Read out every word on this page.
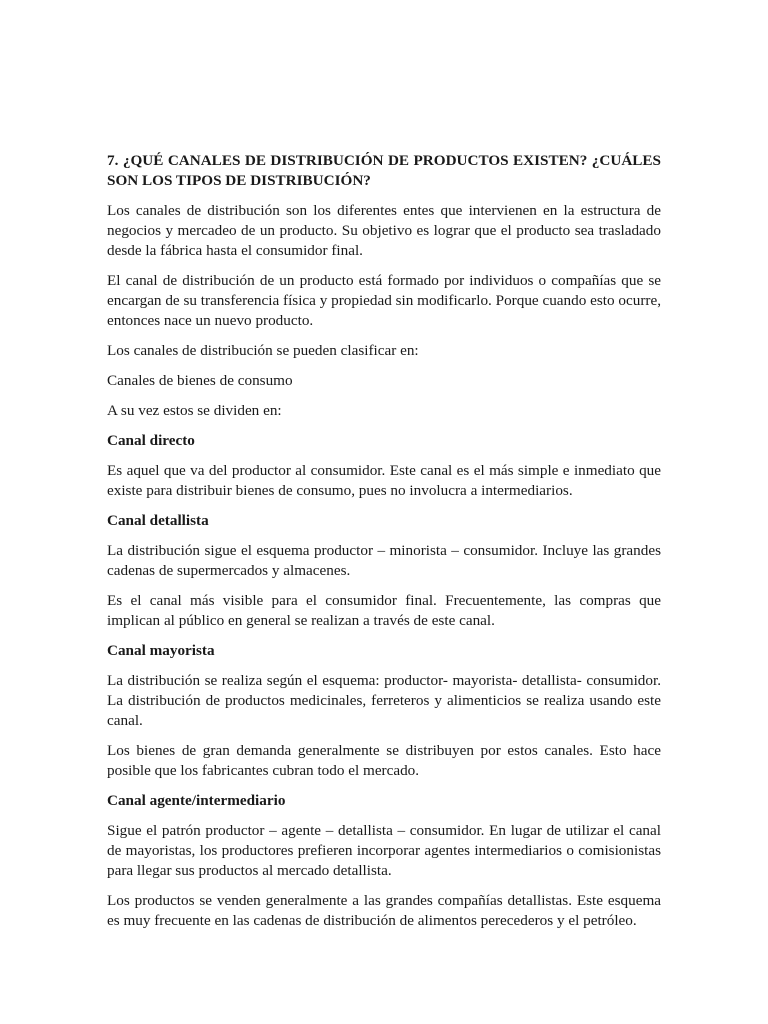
7. ¿QUÉ CANALES DE DISTRIBUCIÓN DE PRODUCTOS EXISTEN? ¿CUÁLES SON LOS TIPOS DE DISTRIBUCIÓN?

Los canales de distribución son los diferentes entes que intervienen en la estructura de negocios y mercadeo de un producto. Su objetivo es lograr que el producto sea trasladado desde la fábrica hasta el consumidor final.

El canal de distribución de un producto está formado por individuos o compañías que se encargan de su transferencia física y propiedad sin modificarlo. Porque cuando esto ocurre, entonces nace un nuevo producto.

Los canales de distribución se pueden clasificar en:

Canales de bienes de consumo

A su vez estos se dividen en:

Canal directo

Es aquel que va del productor al consumidor. Este canal es el más simple e inmediato que existe para distribuir bienes de consumo, pues no involucra a intermediarios.

Canal detallista

La distribución sigue el esquema productor – minorista – consumidor. Incluye las grandes cadenas de supermercados y almacenes.

Es el canal más visible para el consumidor final. Frecuentemente, las compras que implican al público en general se realizan a través de este canal.

Canal mayorista

La distribución se realiza según el esquema: productor- mayorista- detallista- consumidor. La distribución de productos medicinales, ferreteros y alimenticios se realiza usando este canal.

Los bienes de gran demanda generalmente se distribuyen por estos canales. Esto hace posible que los fabricantes cubran todo el mercado.

Canal agente/intermediario

Sigue el patrón productor – agente – detallista – consumidor. En lugar de utilizar el canal de mayoristas, los productores prefieren incorporar agentes intermediarios o comisionistas para llegar sus productos al mercado detallista.

Los productos se venden generalmente a las grandes compañías detallistas. Este esquema es muy frecuente en las cadenas de distribución de alimentos perecederos y el petróleo.
